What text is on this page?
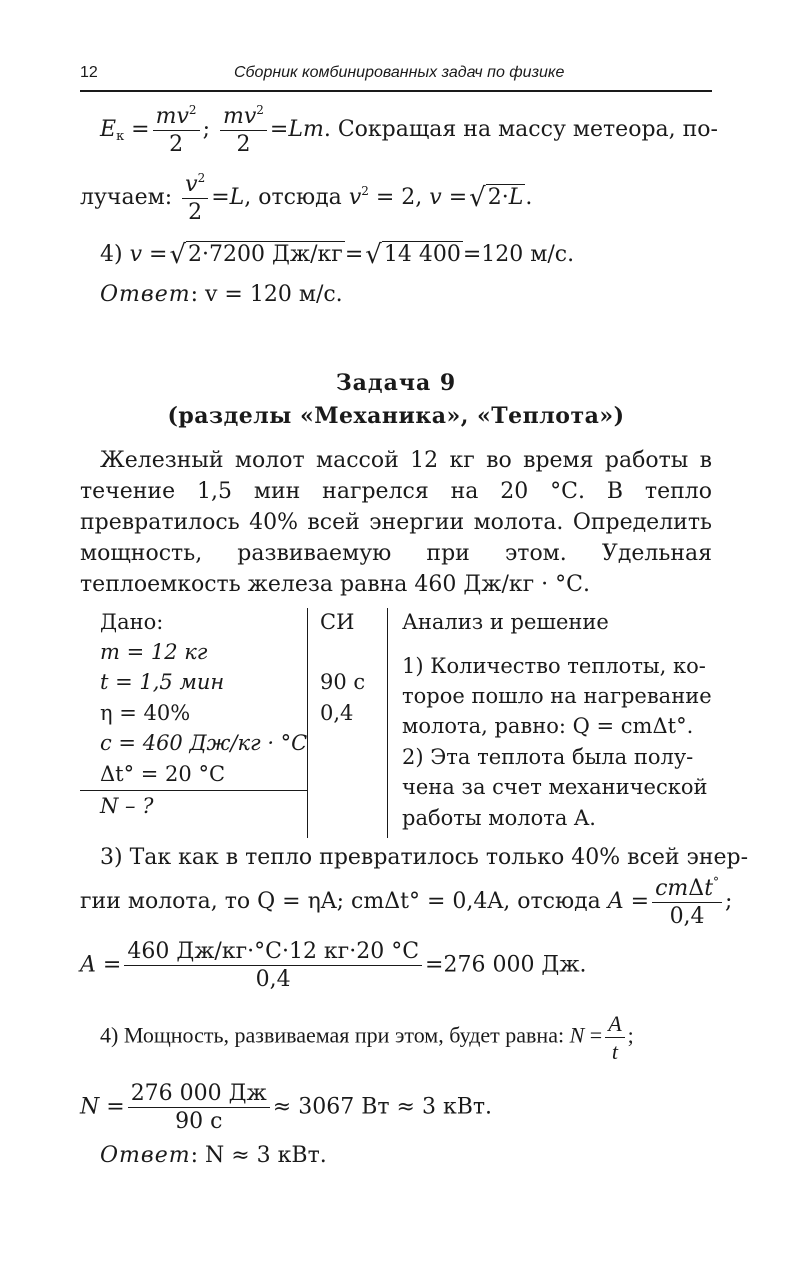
12	Сборник комбинированных задач по физике
$E_к = \frac{mv^2}{2}$ ; $\frac{mv^2}{2} =Lm$. Сокращая на массу метеора, по-
лучаем: $\frac{v^2}{2} =L$, отсюда $v^2 = 2$, v =√2·L.
4) v =√2·7200 Дж/кг=√14 400=120 м/с.
Ответ: v = 120 м/с.
Задача 9
(разделы «Механика», «Теплота»)
Железный молот массой 12 кг во время работы в течение 1,5 мин нагрелся на 20 °С. В тепло превратилось 40% всей энергии молота. Определить мощность, развиваемую при этом. Удельная теплоемкость железа равна 460 Дж/кг · °С.
Дано:
m = 12 кг
t = 1,5 мин
η = 40%
c = 460 Дж/кг · °С
Δt° = 20 °С
N – ?
СИ
90 с
0,4
Анализ и решение
1) Количество теплоты, ко-
торое пошло на нагревание
молота, равно: Q = cmΔt°.
2) Эта теплота была полу-
чена за счет механической
работы молота A.
3) Так как в тепло превратилось только 40% всей энер-
гии молота, то Q = ηA; cmΔt° = 0,4A, отсюда $A = \frac{cm\Delta t^\circ}{0,4}$ ;
$A = \frac{460 Дж/кг\cdot^\circ С\cdot 12 кг\cdot 20 ^\circ С}{0,4} =276$ 000 Дж.
4) Мощность, развиваемая при этом, будет равна: $N = \frac{A}{t}$ ;
$N = \frac{276 000 Дж}{90 с} \approx 3067$ Вт ≈ 3 кВт.
Ответ: N ≈ 3 кВт.
